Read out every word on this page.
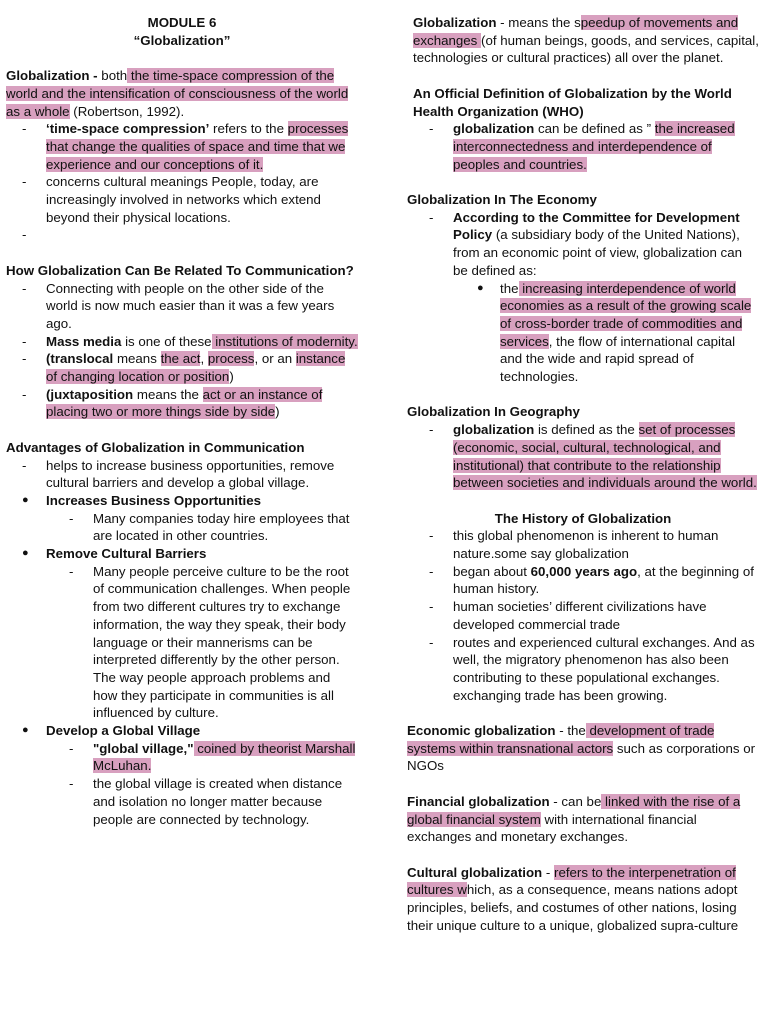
MODULE 6

“Globalization”

Globalization - both the time-space compression of the world and the intensification of consciousness of the world as a whole (Robertson, 1992).

-	‘time-space compression’ refers to the processes that change the qualities of space and time that we experience and our conceptions of it.
-	concerns cultural meanings People, today, are increasingly involved in networks which extend beyond their physical locations.
-

How Globalization Can Be Related To Communication?

-	Connecting with people on the other side of the world is now much easier than it was a few years ago.
-	Mass media is one of these institutions of modernity.
-	(translocal means the act, process, or an instance of changing location or position)
-	(juxtaposition means the act or an instance of placing two or more things side by side)

Advantages of Globalization in Communication

-	helps to increase business opportunities, remove cultural barriers and develop a global village.
●	Increases Business Opportunities
-	Many companies today hire employees that are located in other countries.
●	Remove Cultural Barriers
-	Many people perceive culture to be the root of communication challenges. When people from two different cultures try to exchange information, the way they speak, their body language or their mannerisms can be interpreted differently by the other person. The way people approach problems and how they participate in communities is all influenced by culture.
●	Develop a Global Village
-	"global village," coined by theorist Marshall McLuhan.
-	the global village is created when distance and isolation no longer matter because people are connected by technology.

Globalization - means the speedup of movements and exchanges (of human beings, goods, and services, capital, technologies or cultural practices) all over the planet.

An Official Definition of Globalization by the World Health Organization (WHO)

-	globalization can be defined as ” the increased interconnectedness and interdependence of peoples and countries.

Globalization In The Economy

-	According to the Committee for Development Policy (a subsidiary body of the United Nations), from an economic point of view, globalization can be defined as:
●	the increasing interdependence of world economies as a result of the growing scale of cross-border trade of commodities and services, the flow of international capital and the wide and rapid spread of technologies.

Globalization In Geography

-	globalization is defined as the set of processes (economic, social, cultural, technological, and institutional) that contribute to the relationship between societies and individuals around the world.

The History of Globalization

-	this global phenomenon is inherent to human nature.some say globalization
-	began about 60,000 years ago, at the beginning of human history.
-	human societies’ different civilizations have developed commercial trade
-	routes and experienced cultural exchanges. And as well, the migratory phenomenon has also been contributing to these populational exchanges. exchanging trade has been growing.

Economic globalization - the development of trade systems within transnational actors such as corporations or NGOs

Financial globalization - can be linked with the rise of a global financial system with international financial exchanges and monetary exchanges.

Cultural globalization - refers to the interpenetration of cultures which, as a consequence, means nations adopt principles, beliefs, and costumes of other nations, losing their unique culture to a unique, globalized supra-culture
